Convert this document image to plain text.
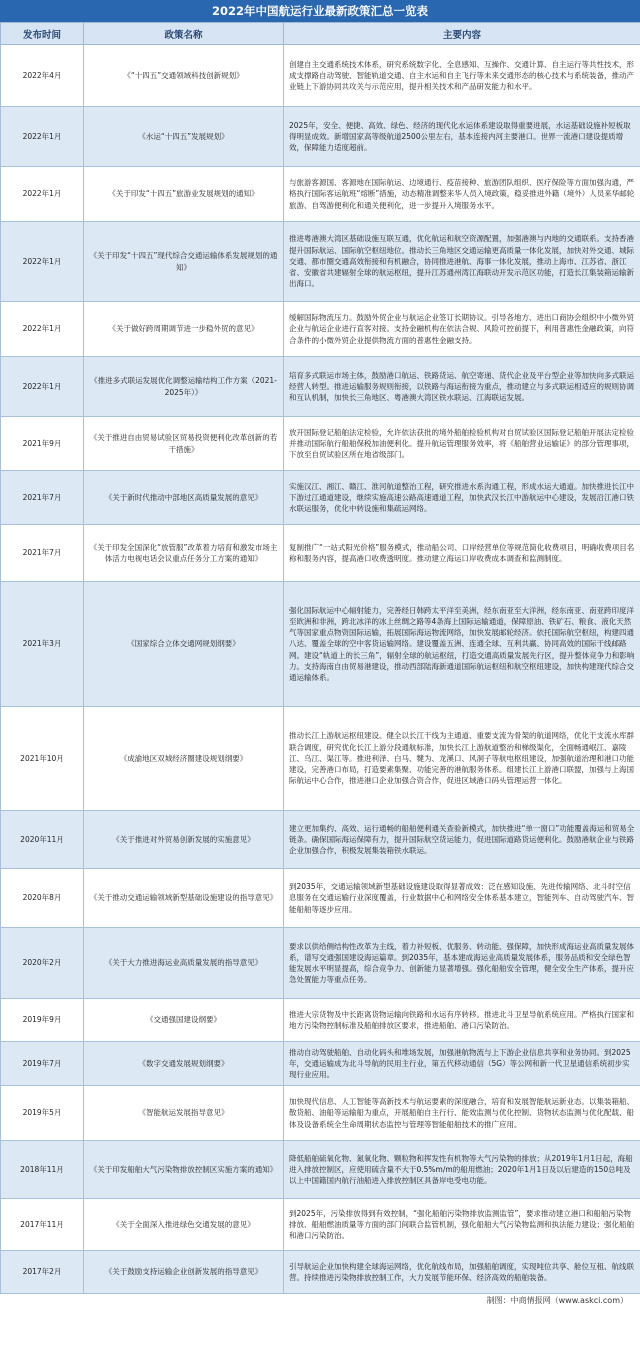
2022年中国航运行业最新政策汇总一览表
发布时间	政策名称	主要内容
2022年4月	《“十四五”交通领域科技创新规划》	创建自主交通系统技术体系，研究系统数字化、全息感知、互操作、交通计算、自主运行等共性技术，形成支撑路自动驾驶、智能轨道交通、自主水运和自主飞行等未来交通形态的核心技术与系统装备，推动产业链上下游协同共攻关与示范应用，提升相关技术和产品研发能力和水平。
2022年1月	《水运“十四五”发展规划》	2025年，安全、便捷、高效、绿色、经济的现代化水运体系建设取得重要进展，水运基础设施补短板取得明显成效。新增国家高等级航道2500公里左右，基本连接内河主要港口。世界一流港口建设提质增效，保障能力适度超前。
2022年1月	《关于印发“十四五”旅游业发展规划的通知》	与旅游客源国、客源地在国际航运、边境通行、疫苗接种、旅游团队组织、医疗保险等方面加强沟通，严格执行国际客运航班“熔断”措施，动态精准调整来华人员入境政策，稳妥推进外籍（境外）人员来华邮轮旅游、自驾游便利化和通关便利化，进一步提升入境服务水平。
2022年1月	《关于印发“十四五”现代综合交通运输体系发展规划的通知》	推进粤港澳大湾区基础设施互联互通，优化航运和航空资源配置，加强港澳与内地的交通联系。支持香港提升国际航运、国际航空枢纽地位。推动长三角地区交通运输更高质量一体化发展，加快对外交通、城际交通、都市圈交通高效衔接和有机融合，协同推进港航、海事一体化发展，推动上海市、江苏省、浙江省、安徽省共建辐射全球的航运枢纽，提升江苏通州湾江海联动开发示范区功能，打造长江集装箱运输新出海口。
2022年1月	《关于做好跨周期调节进一步稳外贸的意见》	缓解国际物流压力。鼓励外贸企业与航运企业签订长期协议。引导各地方、进出口商协会组织中小微外贸企业与航运企业进行直客对接。支持金融机构在依法合规、风险可控前提下，利用普惠性金融政策，向符合条件的小微外贸企业提供物流方面的普惠性金融支持。
2022年1月	《推进多式联运发展优化调整运输结构工作方案（2021-2025年）》	培育多式联运市场主体，鼓励港口航运、铁路货运、航空寄递、货代企业及平台型企业等加快向多式联运经营人转型。推进运输服务规则衔接，以铁路与海运衔接为重点，推动建立与多式联运相适应的规则协调和互认机制，加快长三角地区、粤港澳大湾区铁水联运、江海联运发展。
2021年9月	《关于推进自由贸易试验区贸易投资便利化改革创新的若干措施》	放开国际登记船舶法定检验，允许依法获批的境外船舶检验机构对自贸试验区国际登记船舶开展法定检验并推动国际航行船舶保税加油便利化。提升航运管理服务效率，将《船舶营业运输证》的部分管理事项，下放至自贸试验区所在地省级部门。
2021年7月	《关于新时代推动中部地区高质量发展的意见》	实施汉江、湘江、赣江、淮河航道整治工程，研究推进水系沟通工程，形成水运大通道。加快推进长江中下游过江通道建设，继续实施高速公路高速通道工程，加快武汉长江中游航运中心建设，发展沿江港口铁水联运服务，优化中转设施和集疏运网络。
2021年7月	《关于印发全国深化“放管服”改革着力培育和激发市场主体活力电视电话会议重点任务分工方案的通知》	复制推广“一站式阳光价格”服务模式，推动船公司、口岸经营单位等规范简化收费项目，明确收费项目名称和服务内容，提高港口收费透明度。推动建立海运口岸收费成本调查和监测制度。
2021年3月	《国家综合立体交通网规划纲要》	强化国际航运中心辐射能力，完善经日韩跨太平洋至美洲，经东南亚至大洋洲，经东南亚、南亚跨印度洋至欧洲和非洲，跨北冰洋的冰上丝绸之路等4条海上国际运输通道，保障原油、铁矿石、粮食、液化天然气等国家重点物资国际运输，拓展国际海运物流网络，加快发展邮轮经济。依托国际航空枢纽，构建四通八达、覆盖全球的空中客货运输网络。建设覆盖五洲、连通全球、互利共赢、协同高效的国际干线邮路网。建设“轨道上的长三角”，辐射全球的航运枢纽，打造交通高质量发展先行区，提升整体竞争力和影响力。支持海南自由贸易港建设，推动西部陆海新通道国际航运枢纽和航空枢纽建设，加快构建现代综合交通运输体系。
2021年10月	《成渝地区双城经济圈建设规划纲要》	推动长江上游航运枢纽建设。健全以长江干线为主通道、重要支流为骨架的航道网络，优化干支流水库群联合调度，研究优化长江上游分段通航标准，加快长江上游航道整治和梯级渠化，全面畅通岷江、嘉陵江、乌江、渠江等。推进利泽、白马、犍为、龙溪口、风洞子等航电枢纽建设，加强航道治理和港口功能建设，完善港口布局，打造要素集聚、功能完善的港航服务体系。组建长江上游港口联盟，加强与上海国际航运中心合作，推进港口企业加强合资合作，促进区域港口码头管理运营一体化。
2020年11月	《关于推进对外贸易创新发展的实施意见》	建立更加集约、高效、运行通畅的船舶便利通关查验新模式，加快推进“单一窗口”功能覆盖海运和贸易全链条。确保国际海运保障有力，提升国际航空货运能力，促进国际道路货运便利化。鼓励港航企业与铁路企业加强合作，积极发展集装箱铁水联运。
2020年8月	《关于推动交通运输领域新型基础设施建设的指导意见》	到2035年，交通运输领域新型基础设施建设取得显著成效：泛在感知设施、先进传输网络、北斗时空信息服务在交通运输行业深度覆盖，行业数据中心和网络安全体系基本建立，智能列车、自动驾驶汽车、智能船舶等逐步应用。
2020年2月	《关于大力推进海运业高质量发展的指导意见》	要求以供给侧结构性改革为主线，着力补短板、优服务、转动能、强保障，加快形成海运业高质量发展体系，谱写交通强国建设海运篇章。到2035年，基本建成海运业高质量发展体系，服务品质和安全绿色智能发展水平明显提高，综合竞争力、创新能力显著增强。强化船舶安全管理，健全安全生产体系，提升应急处置能力等重点任务。
2019年9月	《交通强国建设纲要》	推进大宗货物及中长距离货物运输向铁路和水运有序转移。推进北斗卫星导航系统应用。严格执行国家和地方污染物控制标准及船舶排放区要求，推进船舶、港口污染防治。
2019年7月	《数字交通发展规划纲要》	推动自动驾驶船舶、自动化码头和堆场发展，加强港航物流与上下游企业信息共享和业务协同。到2025年，交通运输成为北斗导航的民用主行业，第五代移动通信（5G）等公网和新一代卫星通信系统初步实现行业应用。
2019年5月	《智能航运发展指导意见》	加快现代信息、人工智能等高新技术与航运要素的深度融合，培育和发展智能航运新业态。以集装箱船、散货船、油船等运输船为重点，开展船舶自主行行、能效监测与优化控制、货物状态监测与优化配载、船体及设备系统全生命周期状态监控与管理等智能船舶技术的推广应用。
2018年11月	《关于印发船舶大气污染物排放控制区实施方案的通知》	降低船舶硫氧化物、氮氧化物、颗粒物和挥发性有机物等大气污染物的排放；从2019年1月1日起，海船进入排放控制区，应使用硫含量不大于0.5%m/m的船用燃油；2020年1月1日及以后建造的150总吨及以上中国籍国内航行油船进入排放控制区具备岸电受电功能。
2017年11月	《关于全面深入推进绿色交通发展的意见》	到2025年，污染排放得到有效控制，“强化船舶污染物排放监测监管”，要求推动建立港口和船舶污染物排放、船舶燃油质量等方面的部门间联合监管机制，强化船舶大气污染物监测和执法能力建设；强化船舶和港口污染防治。
2017年2月	《关于鼓励支持运输企业创新发展的指导意见》	引导航运企业加快构建全球海运网络，优化航线布局，加强船舶调度，实现吨位共享、舱位互租、航线联营。持续推进污染物排放控制工作，大力发展节能环保、经济高效的船舶装备。
制图：中商情报网（www.askci.com）
